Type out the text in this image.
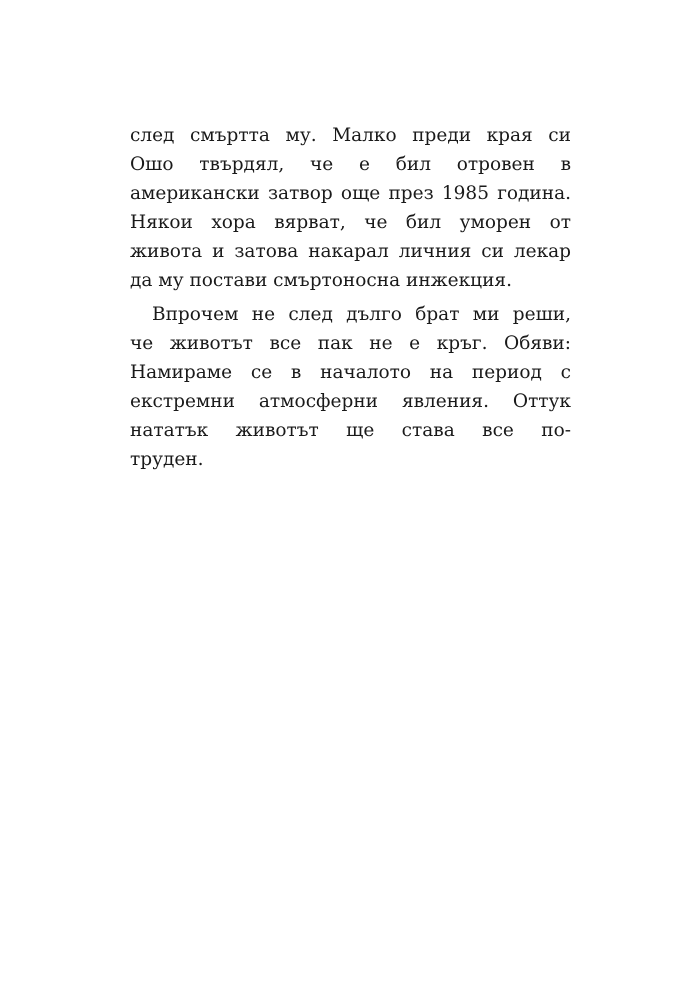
след смъртта му. Малко преди края си
Ошо твърдял, че е бил отровен в
американски затвор още през 1985 година.
Някои хора вярват, че бил уморен от
живота и затова накарал личния си лекар
да му постави смъртоносна инжекция.

Впрочем не след дълго брат ми реши,
че животът все пак не е кръг. Обяви:
Намираме се в началото на период с
екстремни атмосферни явления. Оттук
нататък животът ще става все по-
труден.
